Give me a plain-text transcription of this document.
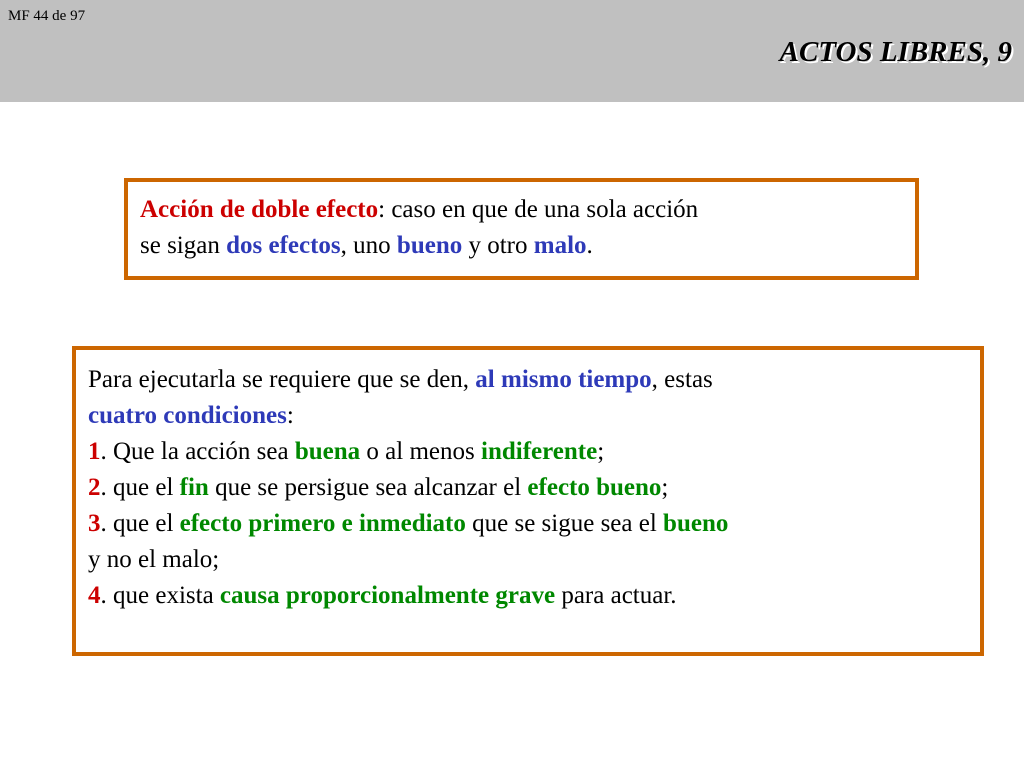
MF 44 de 97
ACTOS LIBRES, 9
Acción de doble efecto: caso en que de una sola acción
se sigan dos efectos, uno bueno y otro malo.
Para ejecutarla se requiere que se den, al mismo tiempo, estas
cuatro condiciones:
1. Que la acción sea buena o al menos indiferente;
2. que el fin que se persigue sea alcanzar el efecto bueno;
3. que el efecto primero e inmediato que se sigue sea el bueno
y no el malo;
4. que exista causa proporcionalmente grave para actuar.
